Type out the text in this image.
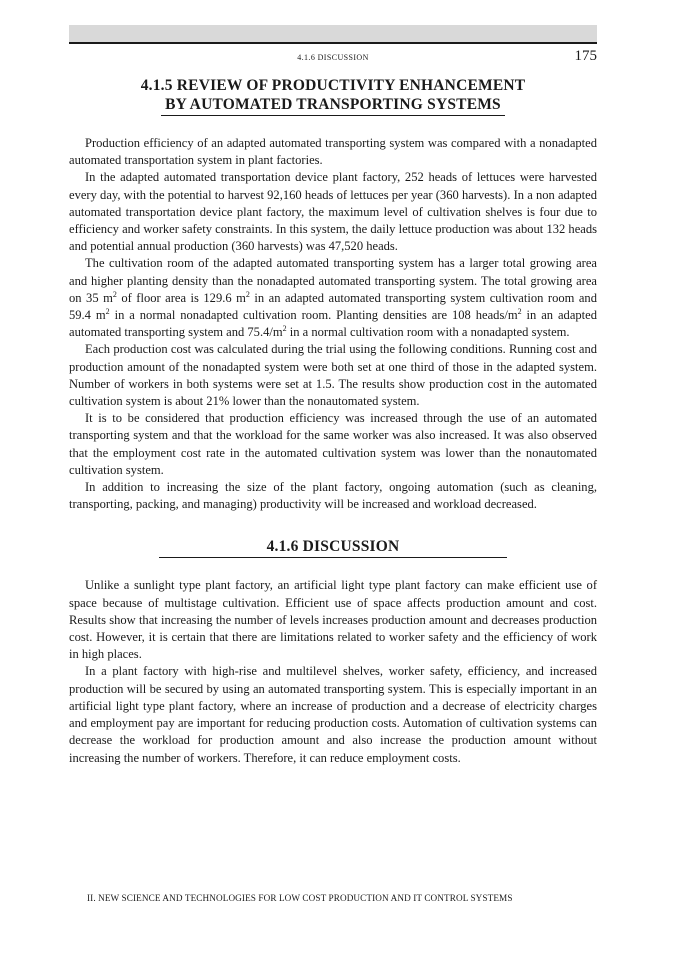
4.1.6 DISCUSSION	175
4.1.5 REVIEW OF PRODUCTIVITY ENHANCEMENT
BY AUTOMATED TRANSPORTING SYSTEMS

Production efficiency of an adapted automated transporting system was compared with a nonadapted automated transportation system in plant factories.

In the adapted automated transportation device plant factory, 252 heads of lettuces were harvested every day, with the potential to harvest 92,160 heads of lettuces per year (360 harvests). In a non adapted automated transportation device plant factory, the maximum level of cultivation shelves is four due to efficiency and worker safety constraints. In this system, the daily lettuce production was about 132 heads and potential annual production (360 harvests) was 47,520 heads.

The cultivation room of the adapted automated transporting system has a larger total growing area and higher planting density than the nonadapted automated transporting system. The total growing area on 35 $m^2$ of floor area is 129.6 $m^2$ in an adapted automated transporting system cultivation room and 59.4 $m^2$ in a normal nonadapted cultivation room. Planting densities are 108 heads/$m^2$ in an adapted automated transporting system and $75.4/m^2$ in a normal cultivation room with a nonadapted system.

Each production cost was calculated during the trial using the following conditions. Running cost and production amount of the nonadapted system were both set at one third of those in the adapted system. Number of workers in both systems were set at 1.5. The results show production cost in the automated cultivation system is about 21% lower than the nonautomated system.

It is to be considered that production efficiency was increased through the use of an automated transporting system and that the workload for the same worker was also increased. It was also observed that the employment cost rate in the automated cultivation system was lower than the nonautomated cultivation system.

In addition to increasing the size of the plant factory, ongoing automation (such as cleaning, transporting, packing, and managing) productivity will be increased and workload decreased.

4.1.6 DISCUSSION

Unlike a sunlight type plant factory, an artificial light type plant factory can make efficient use of space because of multistage cultivation. Efficient use of space affects production amount and cost. Results show that increasing the number of levels increases production amount and decreases production cost. However, it is certain that there are limitations related to worker safety and the efficiency of work in high places.

In a plant factory with high-rise and multilevel shelves, worker safety, efficiency, and increased production will be secured by using an automated transporting system. This is especially important in an artificial light type plant factory, where an increase of production and a decrease of electricity charges and employment pay are important for reducing production costs. Automation of cultivation systems can decrease the workload for production amount and also increase the production amount without increasing the number of workers. Therefore, it can reduce employment costs.

II. NEW SCIENCE AND TECHNOLOGIES FOR LOW COST PRODUCTION AND IT CONTROL SYSTEMS
